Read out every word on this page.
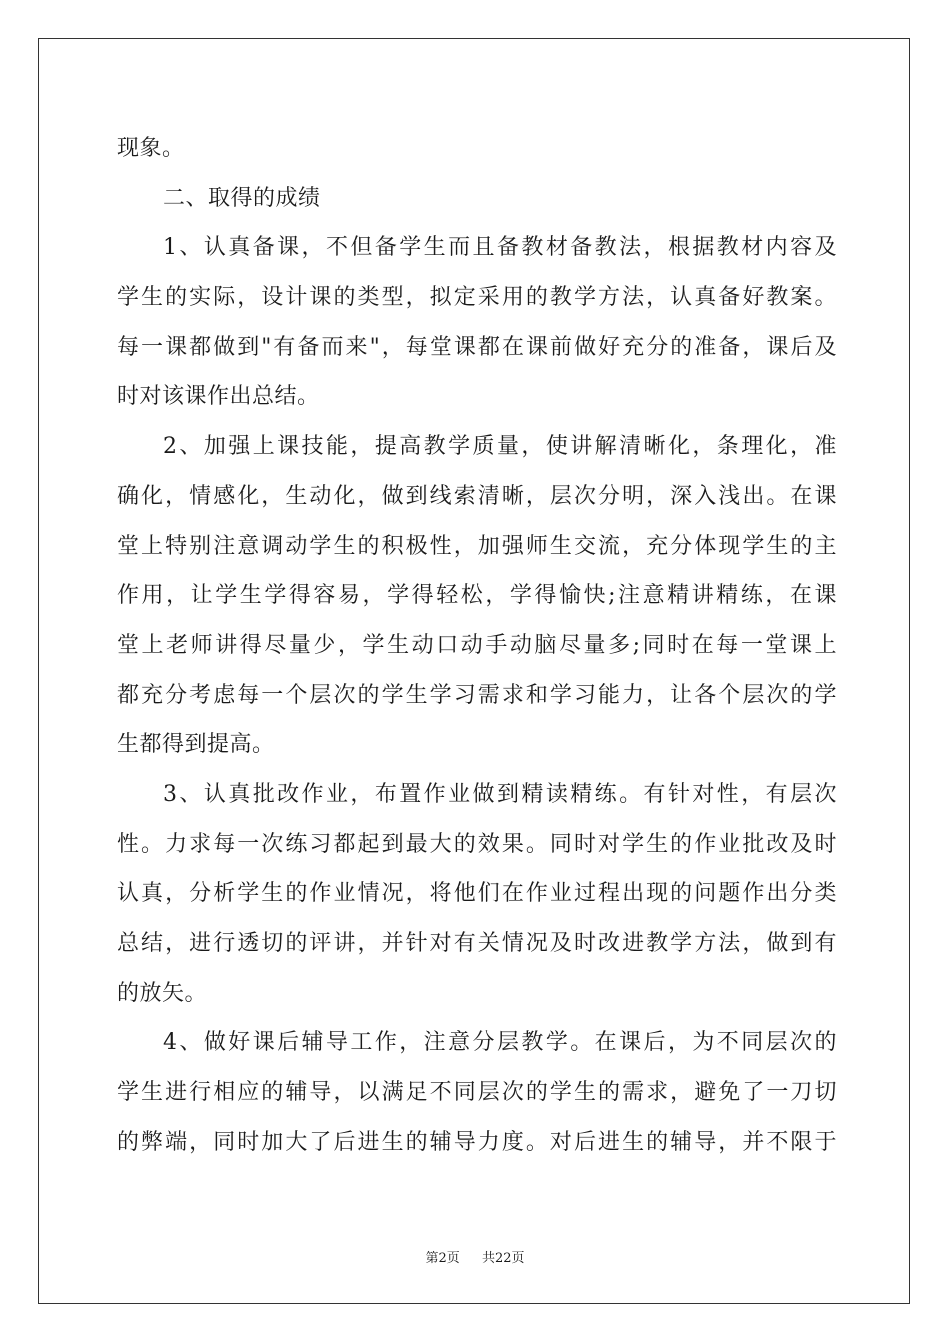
现象。
二、取得的成绩
1、认真备课，不但备学生而且备教材备教法，根据教材内容及
学生的实际，设计课的类型，拟定采用的教学方法，认真备好教案。
每一课都做到"有备而来"，每堂课都在课前做好充分的准备，课后及
时对该课作出总结。
2、加强上课技能，提高教学质量，使讲解清晰化，条理化，准
确化，情感化，生动化，做到线索清晰，层次分明，深入浅出。在课
堂上特别注意调动学生的积极性，加强师生交流，充分体现学生的主
作用，让学生学得容易，学得轻松，学得愉快;注意精讲精练，在课
堂上老师讲得尽量少，学生动口动手动脑尽量多;同时在每一堂课上
都充分考虑每一个层次的学生学习需求和学习能力，让各个层次的学
生都得到提高。
3、认真批改作业，布置作业做到精读精练。有针对性，有层次
性。力求每一次练习都起到最大的效果。同时对学生的作业批改及时
认真，分析学生的作业情况，将他们在作业过程出现的问题作出分类
总结，进行透切的评讲，并针对有关情况及时改进教学方法，做到有
的放矢。
4、做好课后辅导工作，注意分层教学。在课后，为不同层次的
学生进行相应的辅导，以满足不同层次的学生的需求，避免了一刀切
的弊端，同时加大了后进生的辅导力度。对后进生的辅导，并不限于
第2页 共22页
